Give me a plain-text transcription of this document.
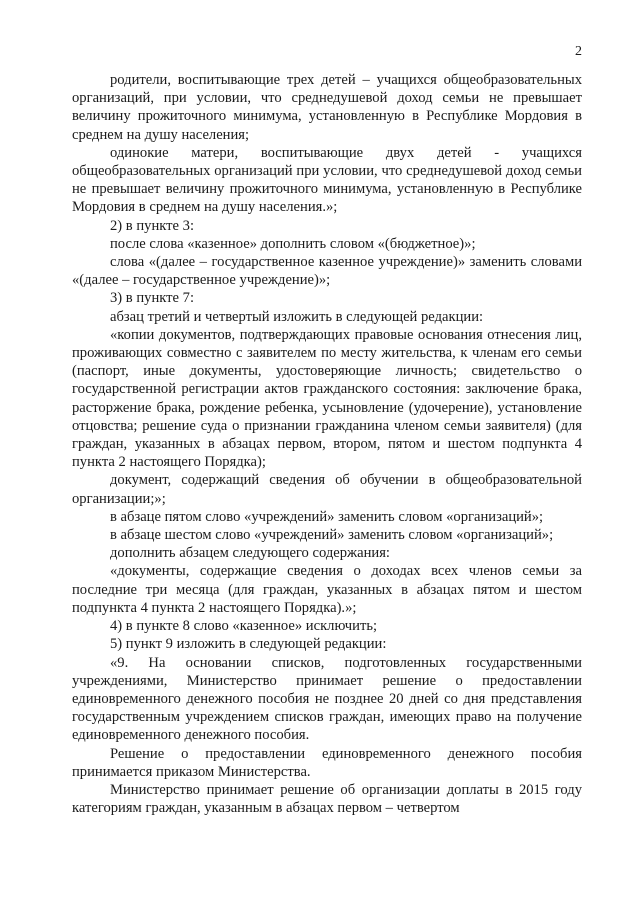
2

родители, воспитывающие трех детей – учащихся общеобразовательных организаций, при условии, что среднедушевой доход семьи не превышает величину прожиточного минимума, установленную в Республике Мордовия в среднем на душу населения;

одинокие матери, воспитывающие двух детей - учащихся общеобразовательных организаций при условии, что среднедушевой доход семьи не превышает величину прожиточного минимума, установленную в Республике Мордовия в среднем на душу населения.»;

2) в пункте 3:

после слова «казенное» дополнить словом «(бюджетное)»;

слова «(далее – государственное казенное учреждение)» заменить словами «(далее – государственное учреждение)»;

3) в пункте 7:

абзац третий и четвертый изложить в следующей редакции:

«копии документов, подтверждающих правовые основания отнесения лиц, проживающих совместно с заявителем по месту жительства, к членам его семьи (паспорт, иные документы, удостоверяющие личность; свидетельство о государственной регистрации актов гражданского состояния: заключение брака, расторжение брака, рождение ребенка, усыновление (удочерение), установление отцовства; решение суда о признании гражданина членом семьи заявителя) (для граждан, указанных в абзацах первом, втором, пятом и шестом подпункта 4 пункта 2 настоящего Порядка);

документ, содержащий сведения об обучении в общеобразовательной организации;»;

в абзаце пятом слово «учреждений» заменить словом «организаций»;

в абзаце шестом слово «учреждений» заменить словом «организаций»;

дополнить абзацем следующего содержания:

«документы, содержащие сведения о доходах всех членов семьи за последние три месяца (для граждан, указанных в абзацах пятом и шестом подпункта 4 пункта 2 настоящего Порядка).»;

4) в пункте 8 слово «казенное» исключить;

5) пункт 9 изложить в следующей редакции:

«9. На основании списков, подготовленных государственными учреждениями, Министерство принимает решение о предоставлении единовременного денежного пособия не позднее 20 дней со дня представления государственным учреждением списков граждан, имеющих право на получение единовременного денежного пособия.

Решение о предоставлении единовременного денежного пособия принимается приказом Министерства.

Министерство принимает решение об организации доплаты в 2015 году категориям граждан, указанным в абзацах первом – четвертом
